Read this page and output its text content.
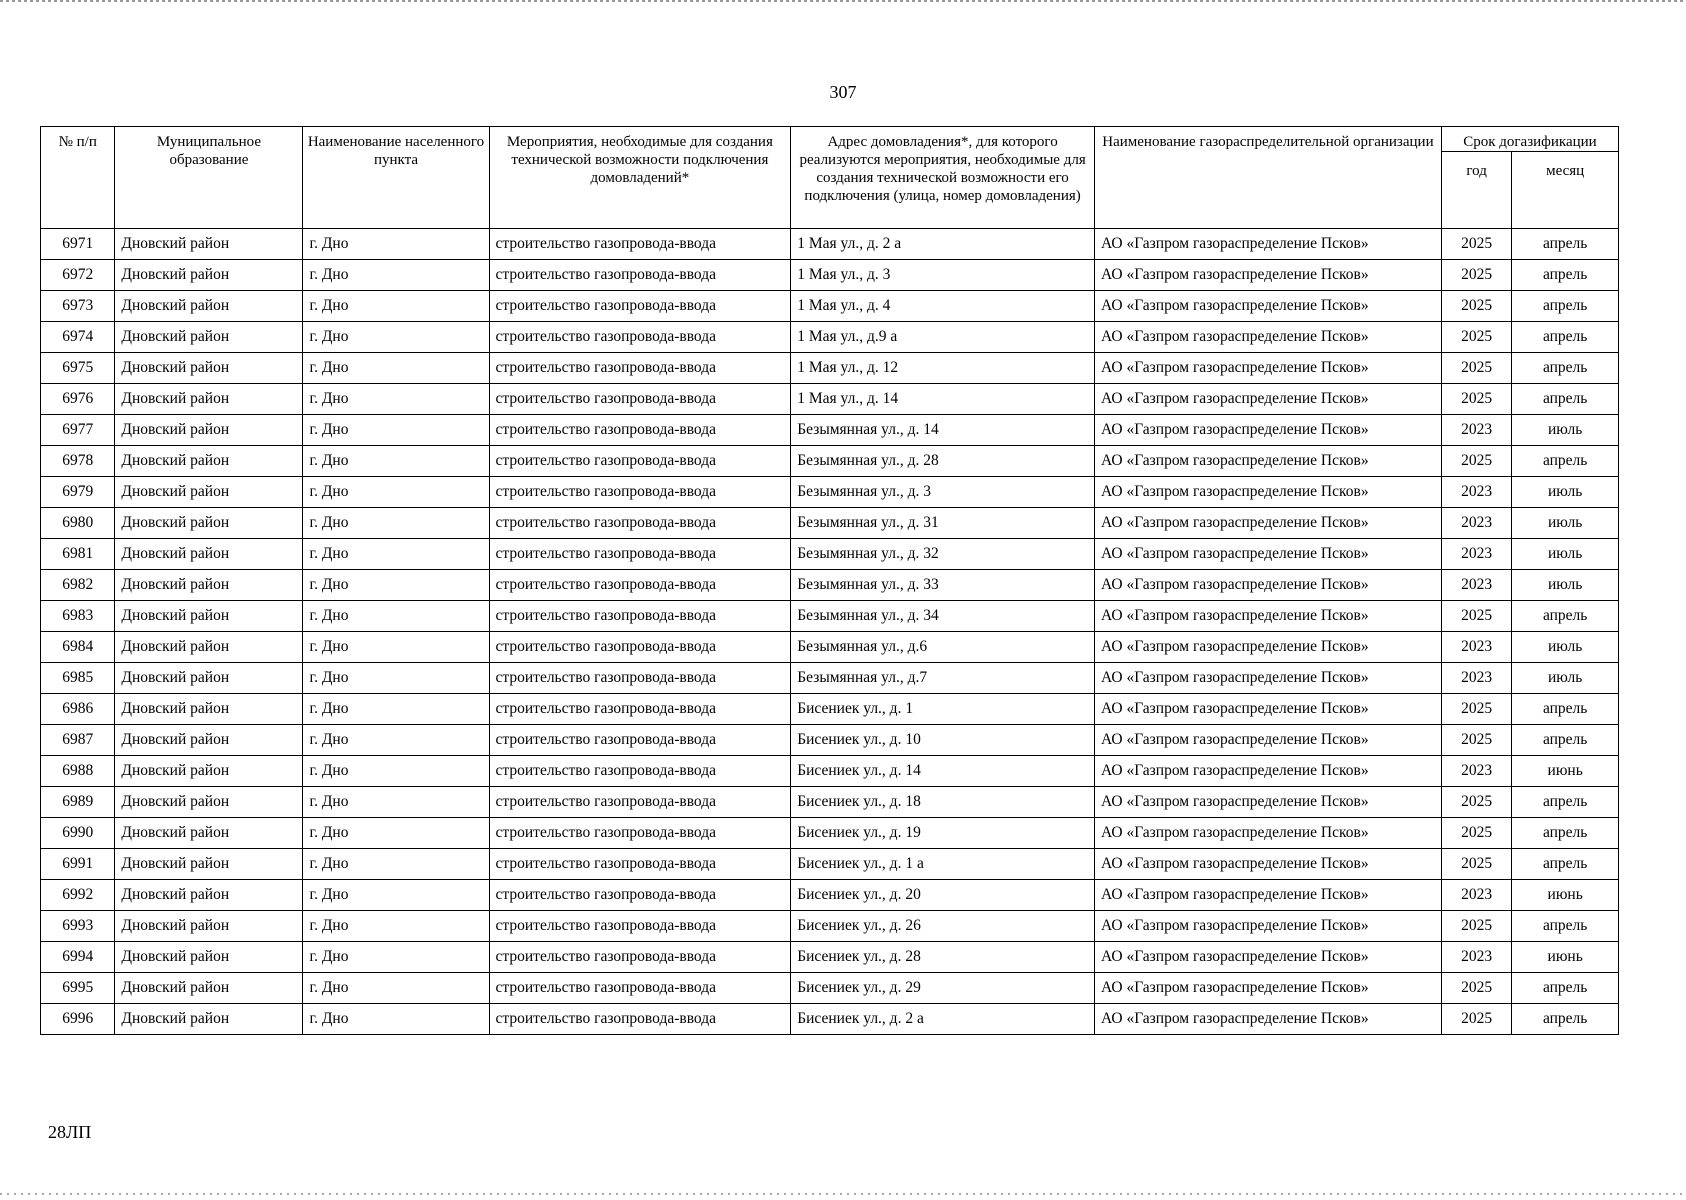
307
№ п/п	Муниципальное образование	Наименование населенного пункта	Мероприятия, необходимые для создания технической возможности подключения домовладений*	Адрес домовладения*, для которого реализуются мероприятия, необходимые для создания технической возможности его подключения (улица, номер домовладения)	Наименование газораспределительной организации	Срок догазификации	
						год	месяц
6971	Дновский район	г. Дно	строительство газопровода-ввода	1 Мая ул., д. 2 а	АО «Газпром газораспределение Псков»	2025	апрель
6972	Дновский район	г. Дно	строительство газопровода-ввода	1 Мая ул., д. 3	АО «Газпром газораспределение Псков»	2025	апрель
6973	Дновский район	г. Дно	строительство газопровода-ввода	1 Мая ул., д. 4	АО «Газпром газораспределение Псков»	2025	апрель
6974	Дновский район	г. Дно	строительство газопровода-ввода	1 Мая ул., д.9 а	АО «Газпром газораспределение Псков»	2025	апрель
6975	Дновский район	г. Дно	строительство газопровода-ввода	1 Мая ул., д. 12	АО «Газпром газораспределение Псков»	2025	апрель
6976	Дновский район	г. Дно	строительство газопровода-ввода	1 Мая ул., д. 14	АО «Газпром газораспределение Псков»	2025	апрель
6977	Дновский район	г. Дно	строительство газопровода-ввода	Безымянная ул., д. 14	АО «Газпром газораспределение Псков»	2023	июль
6978	Дновский район	г. Дно	строительство газопровода-ввода	Безымянная ул., д. 28	АО «Газпром газораспределение Псков»	2025	апрель
6979	Дновский район	г. Дно	строительство газопровода-ввода	Безымянная ул., д. 3	АО «Газпром газораспределение Псков»	2023	июль
6980	Дновский район	г. Дно	строительство газопровода-ввода	Безымянная ул., д. 31	АО «Газпром газораспределение Псков»	2023	июль
6981	Дновский район	г. Дно	строительство газопровода-ввода	Безымянная ул., д. 32	АО «Газпром газораспределение Псков»	2023	июль
6982	Дновский район	г. Дно	строительство газопровода-ввода	Безымянная ул., д. 33	АО «Газпром газораспределение Псков»	2023	июль
6983	Дновский район	г. Дно	строительство газопровода-ввода	Безымянная ул., д. 34	АО «Газпром газораспределение Псков»	2025	апрель
6984	Дновский район	г. Дно	строительство газопровода-ввода	Безымянная ул., д.6	АО «Газпром газораспределение Псков»	2023	июль
6985	Дновский район	г. Дно	строительство газопровода-ввода	Безымянная ул., д.7	АО «Газпром газораспределение Псков»	2023	июль
6986	Дновский район	г. Дно	строительство газопровода-ввода	Бисениек ул., д. 1	АО «Газпром газораспределение Псков»	2025	апрель
6987	Дновский район	г. Дно	строительство газопровода-ввода	Бисениек ул., д. 10	АО «Газпром газораспределение Псков»	2025	апрель
6988	Дновский район	г. Дно	строительство газопровода-ввода	Бисениек ул., д. 14	АО «Газпром газораспределение Псков»	2023	июнь
6989	Дновский район	г. Дно	строительство газопровода-ввода	Бисениек ул., д. 18	АО «Газпром газораспределение Псков»	2025	апрель
6990	Дновский район	г. Дно	строительство газопровода-ввода	Бисениек ул., д. 19	АО «Газпром газораспределение Псков»	2025	апрель
6991	Дновский район	г. Дно	строительство газопровода-ввода	Бисениек ул., д. 1 а	АО «Газпром газораспределение Псков»	2025	апрель
6992	Дновский район	г. Дно	строительство газопровода-ввода	Бисениек ул., д. 20	АО «Газпром газораспределение Псков»	2023	июнь
6993	Дновский район	г. Дно	строительство газопровода-ввода	Бисениек ул., д. 26	АО «Газпром газораспределение Псков»	2025	апрель
6994	Дновский район	г. Дно	строительство газопровода-ввода	Бисениек ул., д. 28	АО «Газпром газораспределение Псков»	2023	июнь
6995	Дновский район	г. Дно	строительство газопровода-ввода	Бисениек ул., д. 29	АО «Газпром газораспределение Псков»	2025	апрель
6996	Дновский район	г. Дно	строительство газопровода-ввода	Бисениек ул., д. 2 а	АО «Газпром газораспределение Псков»	2025	апрель
28ЛП
